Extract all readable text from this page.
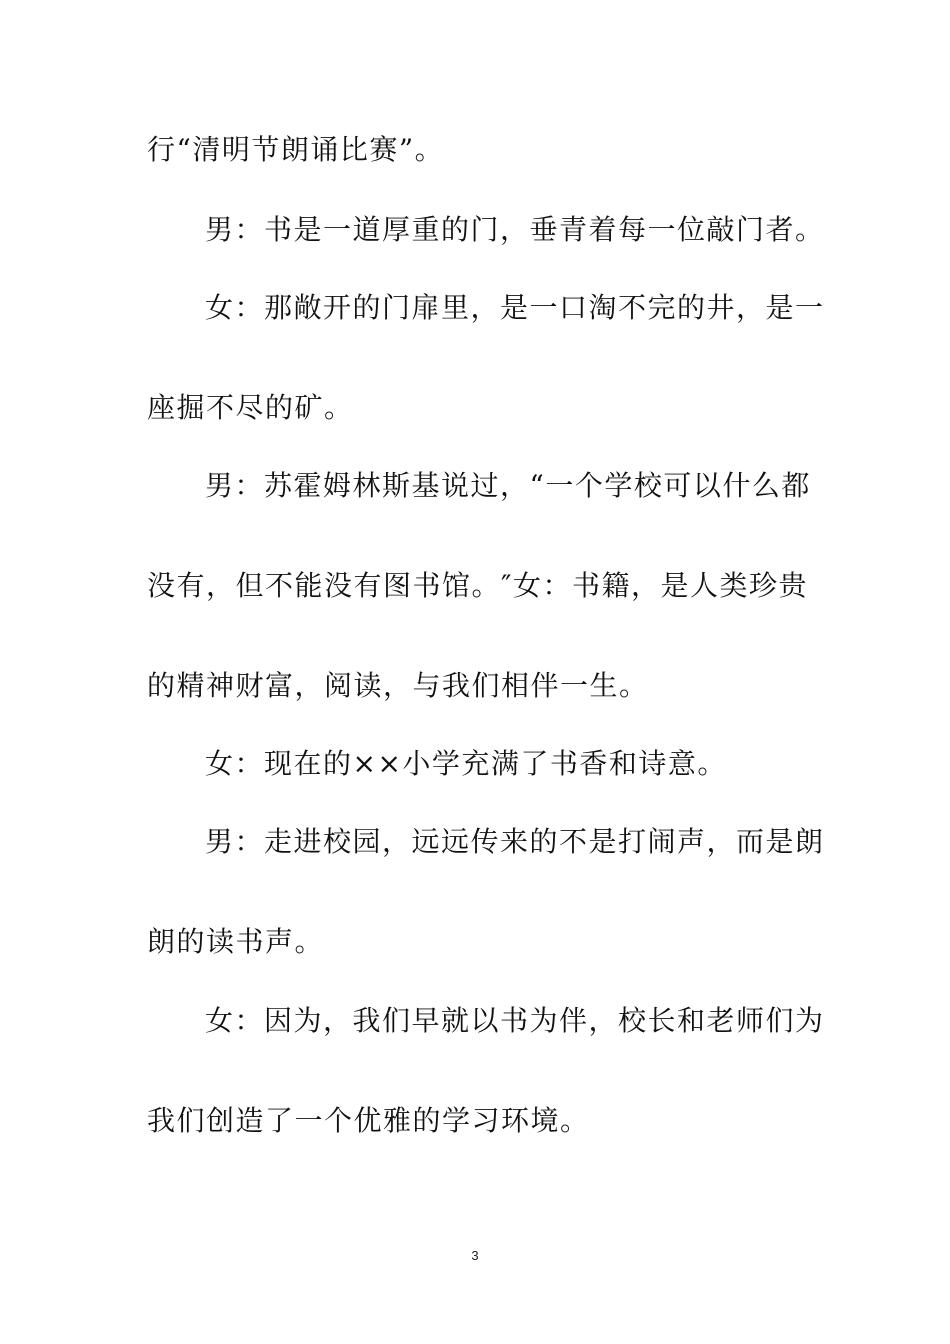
行“清明节朗诵比赛”。
男：书是一道厚重的门，垂青着每一位敲门者。
女：那敞开的门扉里，是一口淘不完的井，是一
座掘不尽的矿。
男：苏霍姆林斯基说过，“一个学校可以什么都
没有，但不能没有图书馆。″女：书籍，是人类珍贵
的精神财富，阅读，与我们相伴一生。
女：现在的××小学充满了书香和诗意。
男：走进校园，远远传来的不是打闹声，而是朗
朗的读书声。
女：因为，我们早就以书为伴，校长和老师们为
我们创造了一个优雅的学习环境。
3
